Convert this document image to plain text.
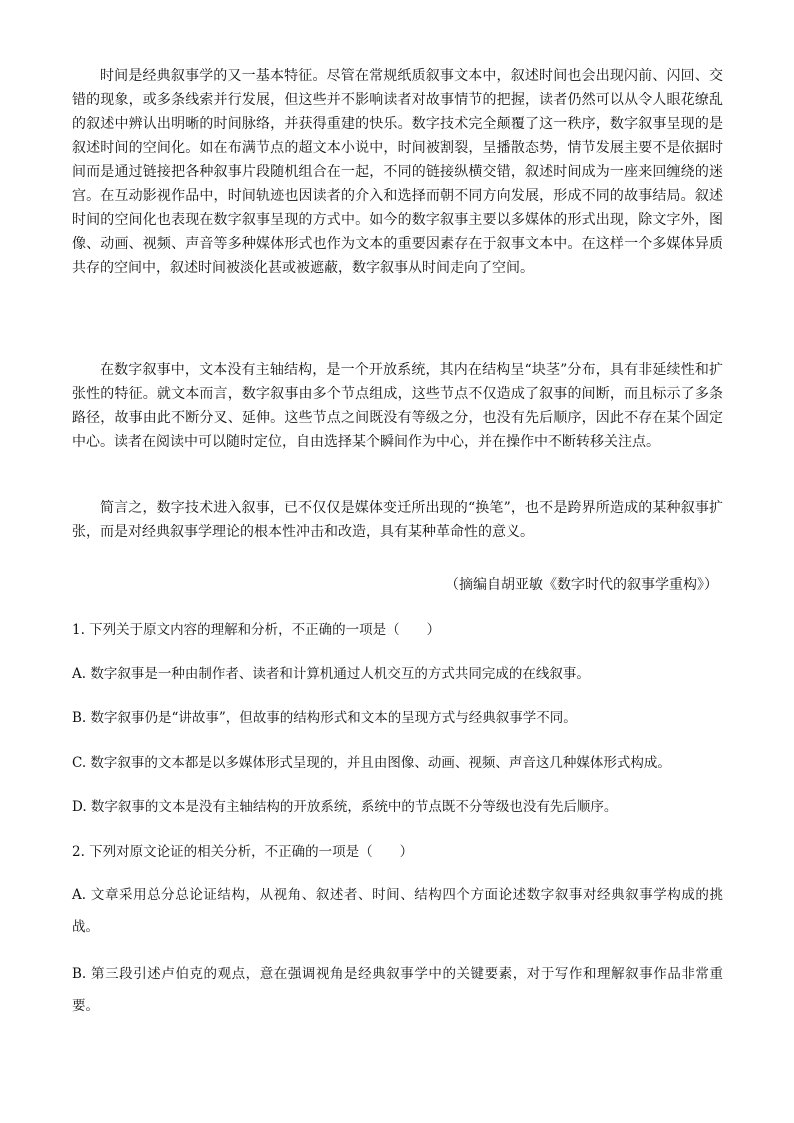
时间是经典叙事学的又一基本特征。尽管在常规纸质叙事文本中，叙述时间也会出现闪前、闪回、交错的现象，或多条线索并行发展，但这些并不影响读者对故事情节的把握，读者仍然可以从令人眼花缭乱的叙述中辨认出明晰的时间脉络，并获得重建的快乐。数字技术完全颠覆了这一秩序，数字叙事呈现的是叙述时间的空间化。如在布满节点的超文本小说中，时间被割裂，呈播散态势，情节发展主要不是依据时间而是通过链接把各种叙事片段随机组合在一起，不同的链接纵横交错，叙述时间成为一座来回缠绕的迷宫。在互动影视作品中，时间轨迹也因读者的介入和选择而朝不同方向发展，形成不同的故事结局。叙述时间的空间化也表现在数字叙事呈现的方式中。如今的数字叙事主要以多媒体的形式出现，除文字外，图像、动画、视频、声音等多种媒体形式也作为文本的重要因素存在于叙事文本中。在这样一个多媒体异质共存的空间中，叙述时间被淡化甚或被遮蔽，数字叙事从时间走向了空间。

在数字叙事中，文本没有主轴结构，是一个开放系统，其内在结构呈“块茎”分布，具有非延续性和扩张性的特征。就文本而言，数字叙事由多个节点组成，这些节点不仅造成了叙事的间断，而且标示了多条路径，故事由此不断分叉、延伸。这些节点之间既没有等级之分，也没有先后顺序，因此不存在某个固定中心。读者在阅读中可以随时定位，自由选择某个瞬间作为中心，并在操作中不断转移关注点。

简言之，数字技术进入叙事，已不仅仅是媒体变迁所出现的“换笔”，也不是跨界所造成的某种叙事扩张，而是对经典叙事学理论的根本性冲击和改造，具有某种革命性的意义。

（摘编自胡亚敏《数字时代的叙事学重构》）

1. 下列关于原文内容的理解和分析，不正确的一项是（　　）

A. 数字叙事是一种由制作者、读者和计算机通过人机交互的方式共同完成的在线叙事。

B. 数字叙事仍是“讲故事”，但故事的结构形式和文本的呈现方式与经典叙事学不同。

C. 数字叙事的文本都是以多媒体形式呈现的，并且由图像、动画、视频、声音这几种媒体形式构成。

D. 数字叙事的文本是没有主轴结构的开放系统，系统中的节点既不分等级也没有先后顺序。

2. 下列对原文论证的相关分析，不正确的一项是（　　）

A. 文章采用总分总论证结构，从视角、叙述者、时间、结构四个方面论述数字叙事对经典叙事学构成的挑战。

B. 第三段引述卢伯克的观点，意在强调视角是经典叙事学中的关键要素，对于写作和理解叙事作品非常重要。
